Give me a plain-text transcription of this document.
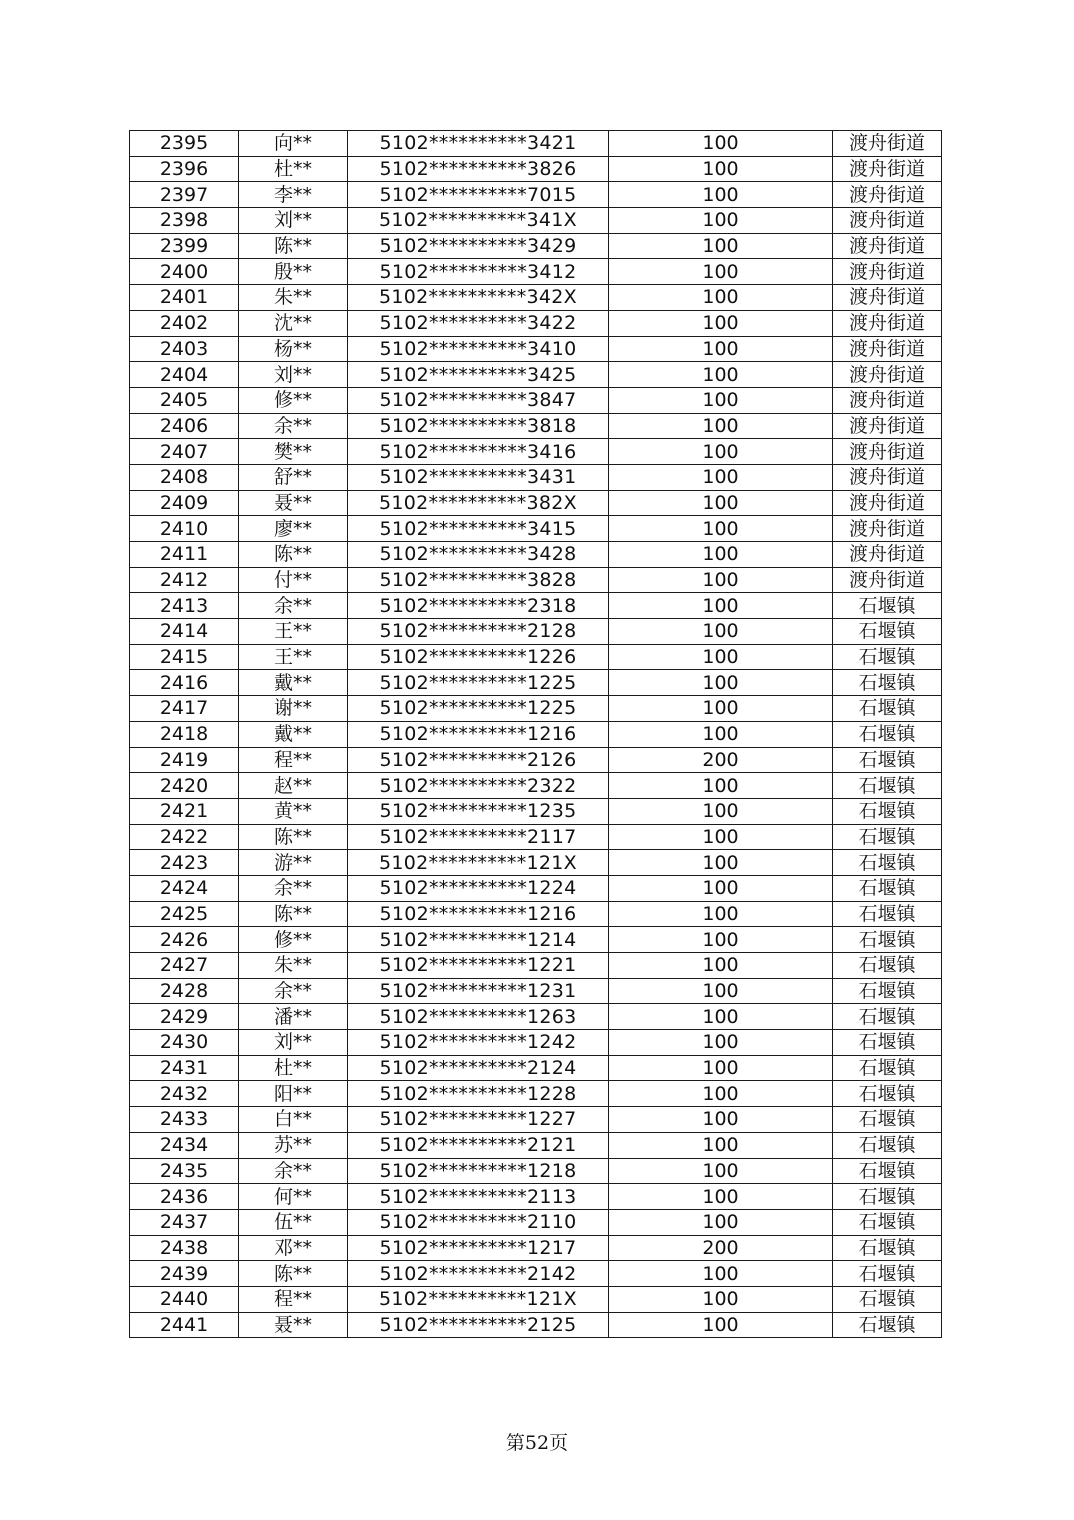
2395	向**	5102**********3421	100	渡舟街道
2396	杜**	5102**********3826	100	渡舟街道
2397	李**	5102**********7015	100	渡舟街道
2398	刘**	5102**********341X	100	渡舟街道
2399	陈**	5102**********3429	100	渡舟街道
2400	殷**	5102**********3412	100	渡舟街道
2401	朱**	5102**********342X	100	渡舟街道
2402	沈**	5102**********3422	100	渡舟街道
2403	杨**	5102**********3410	100	渡舟街道
2404	刘**	5102**********3425	100	渡舟街道
2405	修**	5102**********3847	100	渡舟街道
2406	余**	5102**********3818	100	渡舟街道
2407	樊**	5102**********3416	100	渡舟街道
2408	舒**	5102**********3431	100	渡舟街道
2409	聂**	5102**********382X	100	渡舟街道
2410	廖**	5102**********3415	100	渡舟街道
2411	陈**	5102**********3428	100	渡舟街道
2412	付**	5102**********3828	100	渡舟街道
2413	余**	5102**********2318	100	石堰镇
2414	王**	5102**********2128	100	石堰镇
2415	王**	5102**********1226	100	石堰镇
2416	戴**	5102**********1225	100	石堰镇
2417	谢**	5102**********1225	100	石堰镇
2418	戴**	5102**********1216	100	石堰镇
2419	程**	5102**********2126	200	石堰镇
2420	赵**	5102**********2322	100	石堰镇
2421	黄**	5102**********1235	100	石堰镇
2422	陈**	5102**********2117	100	石堰镇
2423	游**	5102**********121X	100	石堰镇
2424	余**	5102**********1224	100	石堰镇
2425	陈**	5102**********1216	100	石堰镇
2426	修**	5102**********1214	100	石堰镇
2427	朱**	5102**********1221	100	石堰镇
2428	余**	5102**********1231	100	石堰镇
2429	潘**	5102**********1263	100	石堰镇
2430	刘**	5102**********1242	100	石堰镇
2431	杜**	5102**********2124	100	石堰镇
2432	阳**	5102**********1228	100	石堰镇
2433	白**	5102**********1227	100	石堰镇
2434	苏**	5102**********2121	100	石堰镇
2435	余**	5102**********1218	100	石堰镇
2436	何**	5102**********2113	100	石堰镇
2437	伍**	5102**********2110	100	石堰镇
2438	邓**	5102**********1217	200	石堰镇
2439	陈**	5102**********2142	100	石堰镇
2440	程**	5102**********121X	100	石堰镇
2441	聂**	5102**********2125	100	石堰镇
第52页
